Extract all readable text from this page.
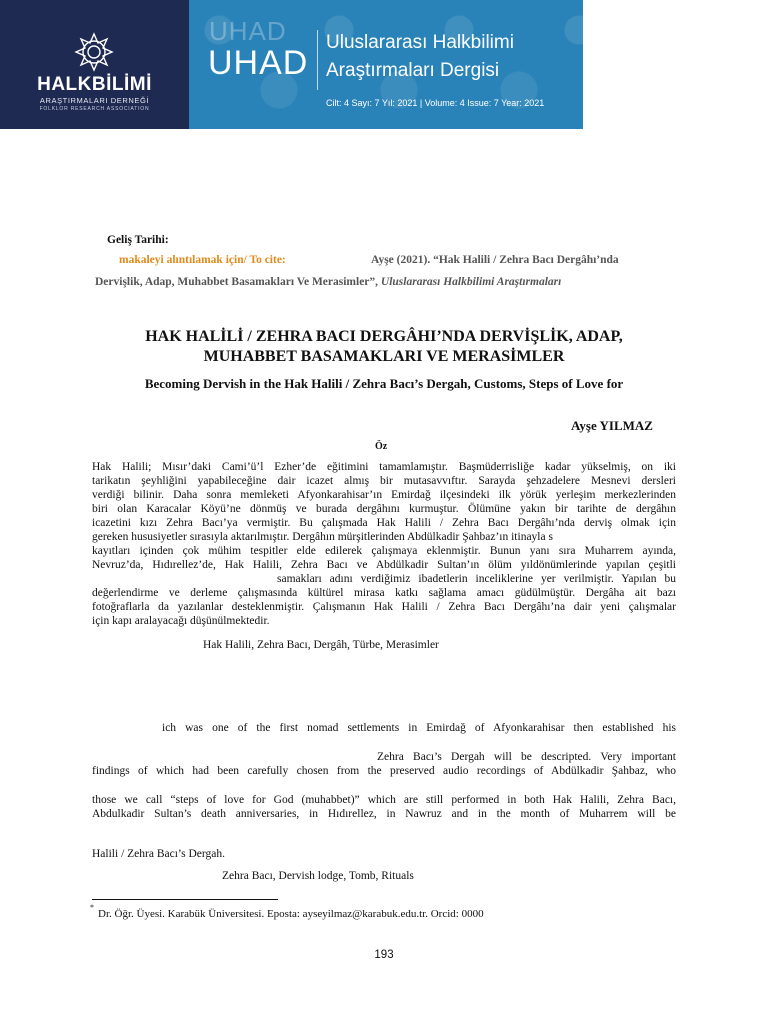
HALKBİLİMİ
ARAŞTIRMALARI DERNEĞİ
FOLKLOR RESEARCH ASSOCIATION
UHAD
UHAD
Uluslararası Halkbilimi
Araştırmaları Dergisi
Cilt: 4 Sayı: 7 Yıl: 2021 | Volume: 4 Issue: 7 Year: 2021
Geliş Tarihi:
makaleyi alıntılamak için/ To cite:	Ayşe (2021). “Hak Halili / Zehra Bacı Dergâhı’nda
Dervişlik, Adap, Muhabbet Basamakları Ve Merasimler”, Uluslararası Halkbilimi Araştırmaları
HAK HALİLİ / ZEHRA BACI DERGÂHI’NDA DERVİŞLİK, ADAP,
MUHABBET BASAMAKLARI VE MERASİMLER
Becoming Dervish in the Hak Halili / Zehra Bacı’s Dergah, Customs, Steps of Love for
Ayşe YILMAZ
Öz
Hak Halili; Mısır’daki Cami’ü’l Ezher’de eğitimini tamamlamıştır. Başmüderrisliğe kadar yükselmiş, on iki
tarikatın şeyhliğini yapabileceğine dair icazet almış bir mutasavvıftır. Sarayda şehzadelere Mesnevi dersleri
verdiği bilinir. Daha sonra memleketi Afyonkarahisar’ın Emirdağ ilçesindeki ilk yörük yerleşim merkezlerinden
biri olan Karacalar Köyü’ne dönmüş ve burada dergâhını kurmuştur. Ölümüne yakın bir tarihte de dergâhın
icazetini kızı Zehra Bacı’ya vermiştir. Bu çalışmada Hak Halili / Zehra Bacı Dergâhı’nda derviş olmak için
gereken hususiyetler sırasıyla aktarılmıştır. Dergâhın mürşitlerinden Abdülkadir Şahbaz’ın itinayla s
kayıtları içinden çok mühim tespitler elde edilerek çalışmaya eklenmiştir. Bunun yanı sıra Muharrem ayında,
Nevruz’da, Hıdırellez’de, Hak Halili, Zehra Bacı ve Abdülkadir Sultan’ın ölüm yıldönümlerinde yapılan çeşitli
samakları adını verdiğimiz ibadetlerin inceliklerine yer verilmiştir. Yapılan bu
değerlendirme ve derleme çalışmasında kültürel mirasa katkı sağlama amacı güdülmüştür. Dergâha ait bazı
fotoğraflarla da yazılanlar desteklenmiştir. Çalışmanın Hak Halili / Zehra Bacı Dergâhı’na dair yeni çalışmalar
için kapı aralayacağı düşünülmektedir.
Hak Halili, Zehra Bacı, Dergâh, Türbe, Merasimler
ich was one of the first nomad settlements in Emirdağ of Afyonkarahisar then established his
Zehra Bacı’s Dergah will be descripted. Very important
findings of which had been carefully chosen from the preserved audio recordings of Abdülkadir Şahbaz, who
those we call “steps of love for God (muhabbet)” which are still performed in both Hak Halili, Zehra Bacı,
Abdulkadir Sultan’s death anniversaries, in Hıdırellez, in Nawruz and in the month of Muharrem will be
Halili / Zehra Bacı’s Dergah.
Zehra Bacı, Dervish lodge, Tomb, Rituals
*
Dr. Öğr. Üyesi. Karabük Üniversitesi. Eposta: ayseyilmaz@karabuk.edu.tr. Orcid: 0000
193
